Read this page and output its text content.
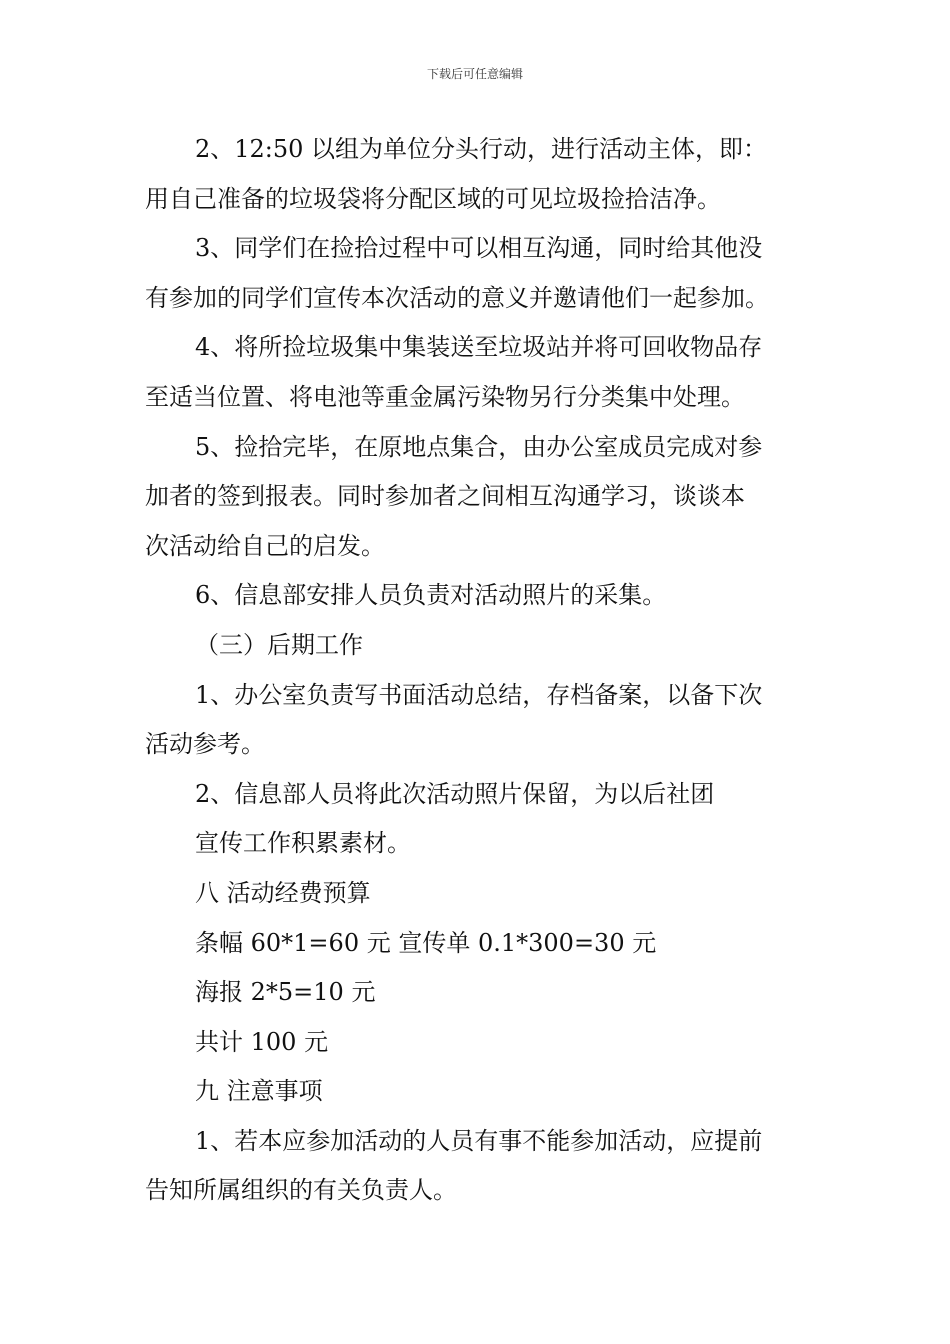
下载后可任意编辑
2、12:50 以组为单位分头行动，进行活动主体，即：
用自己准备的垃圾袋将分配区域的可见垃圾捡拾洁净。
3、同学们在捡拾过程中可以相互沟通，同时给其他没
有参加的同学们宣传本次活动的意义并邀请他们一起参加。
4、将所捡垃圾集中集装送至垃圾站并将可回收物品存
至适当位置、将电池等重金属污染物另行分类集中处理。
5、捡拾完毕，在原地点集合，由办公室成员完成对参
加者的签到报表。同时参加者之间相互沟通学习，谈谈本
次活动给自己的启发。
6、信息部安排人员负责对活动照片的采集。
（三）后期工作
1、办公室负责写书面活动总结，存档备案，以备下次
活动参考。
2、信息部人员将此次活动照片保留，为以后社团
宣传工作积累素材。
八 活动经费预算
条幅 60*1=60 元 宣传单 0.1*300=30 元
海报 2*5=10 元
共计 100 元
九 注意事项
1、若本应参加活动的人员有事不能参加活动，应提前
告知所属组织的有关负责人。
